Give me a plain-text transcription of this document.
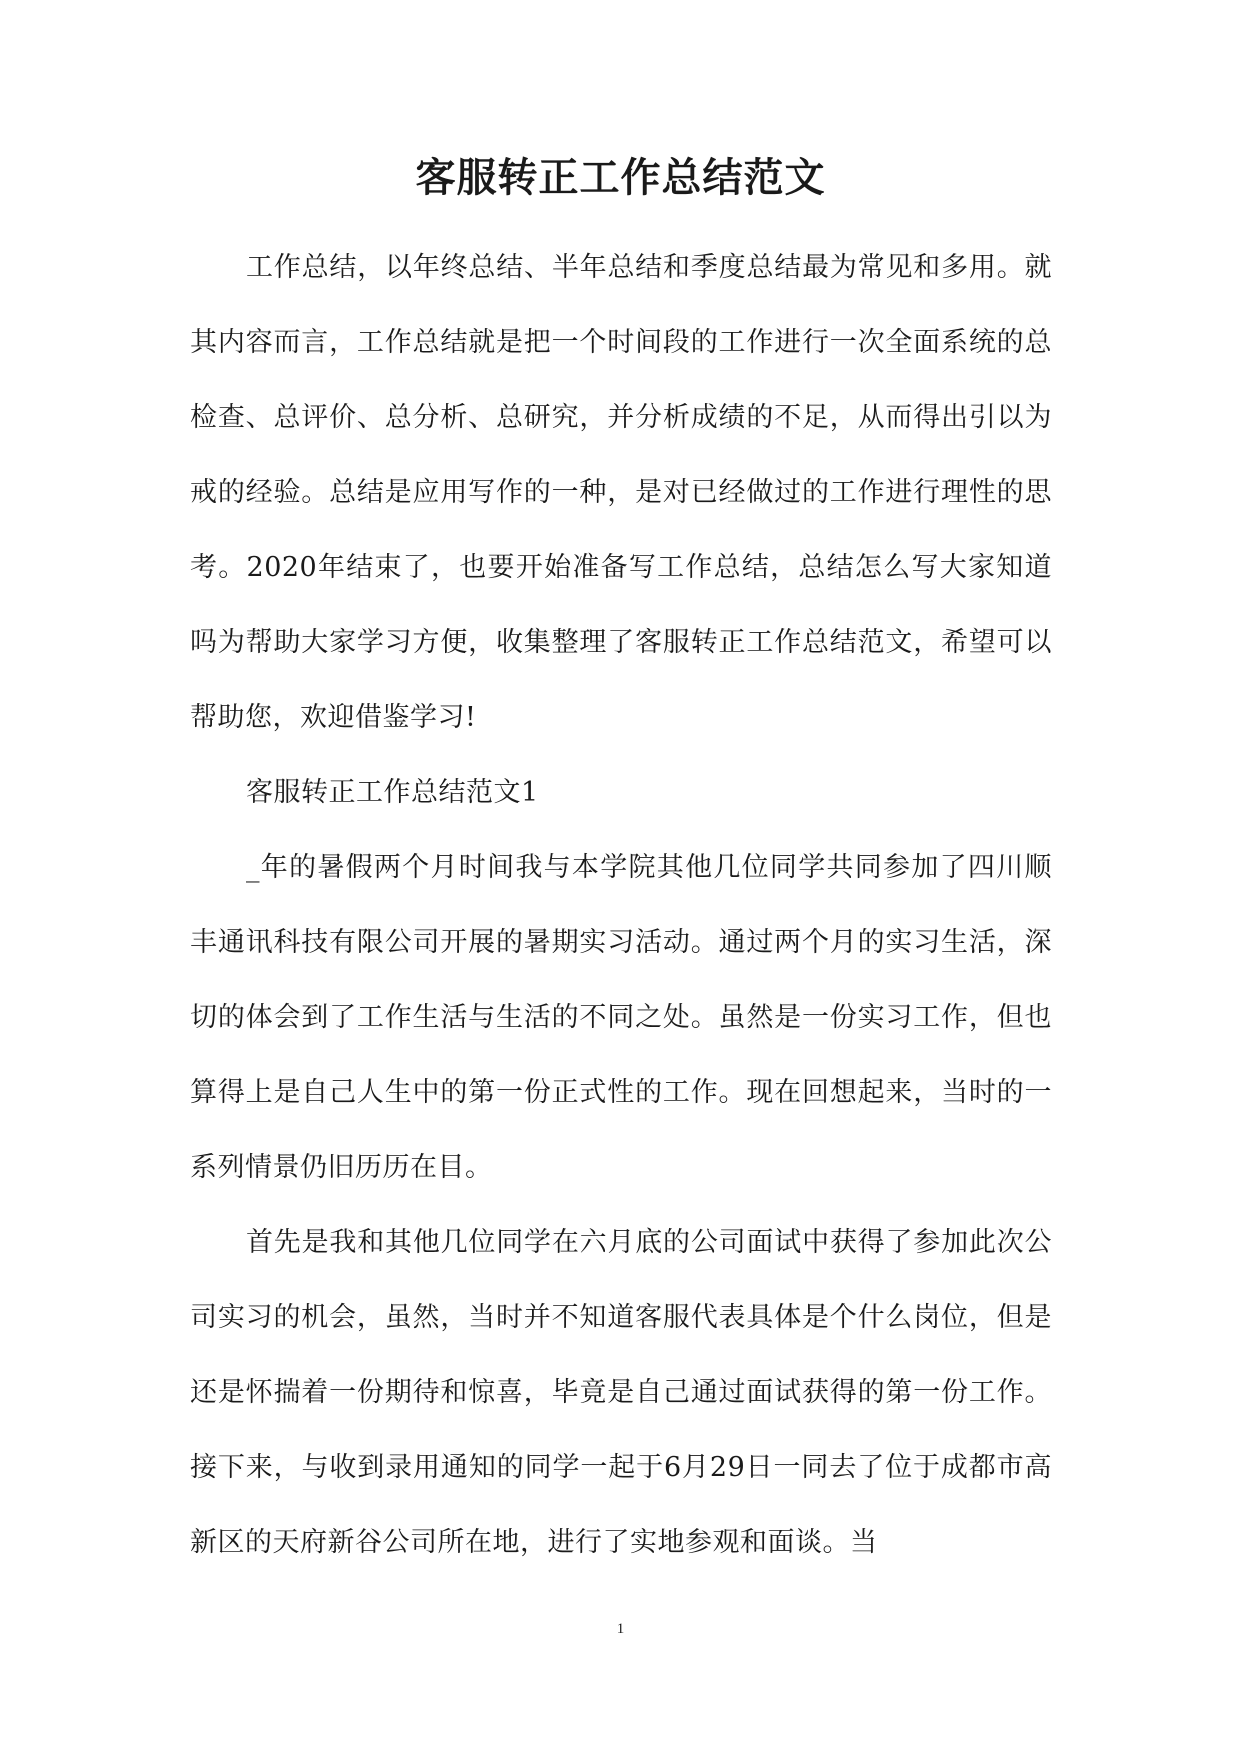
客服转正工作总结范文

工作总结，以年终总结、半年总结和季度总结最为常见和多用。就其内容而言，工作总结就是把一个时间段的工作进行一次全面系统的总检查、总评价、总分析、总研究，并分析成绩的不足，从而得出引以为戒的经验。总结是应用写作的一种，是对已经做过的工作进行理性的思考。2020年结束了，也要开始准备写工作总结，总结怎么写大家知道吗为帮助大家学习方便，收集整理了客服转正工作总结范文，希望可以帮助您，欢迎借鉴学习!

客服转正工作总结范文1

_年的暑假两个月时间我与本学院其他几位同学共同参加了四川顺丰通讯科技有限公司开展的暑期实习活动。通过两个月的实习生活，深切的体会到了工作生活与生活的不同之处。虽然是一份实习工作，但也算得上是自己人生中的第一份正式性的工作。现在回想起来，当时的一系列情景仍旧历历在目。

首先是我和其他几位同学在六月底的公司面试中获得了参加此次公司实习的机会，虽然，当时并不知道客服代表具体是个什么岗位，但是还是怀揣着一份期待和惊喜，毕竟是自己通过面试获得的第一份工作。接下来，与收到录用通知的同学一起于6月29日一同去了位于成都市高新区的天府新谷公司所在地，进行了实地参观和面谈。当

1
